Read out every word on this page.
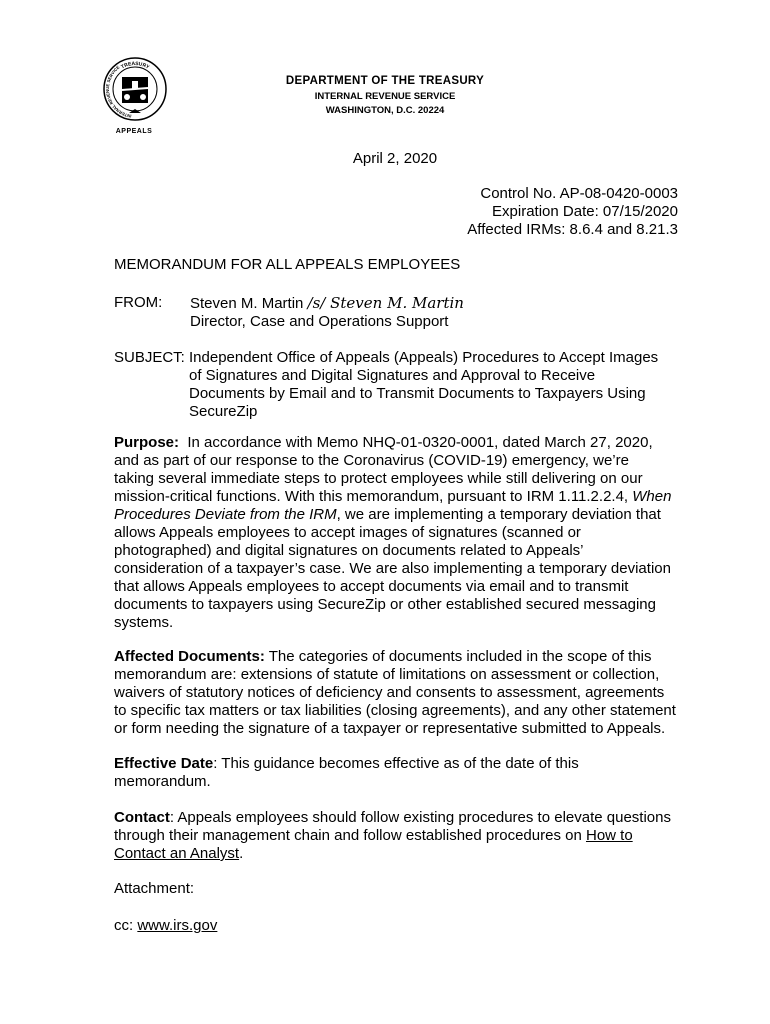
TREASURY
INTERNAL REVENUE SERVICE
APPEALS
DEPARTMENT OF THE TREASURY
INTERNAL REVENUE SERVICE
WASHINGTON, D.C. 20224
April 2, 2020
Control No. AP-08-0420-0003
Expiration Date: 07/15/2020
Affected IRMs: 8.6.4 and 8.21.3
MEMORANDUM FOR ALL APPEALS EMPLOYEES
FROM: Steven M. Martin /s/ Steven M. Martin
Director, Case and Operations Support
SUBJECT: Independent Office of Appeals (Appeals) Procedures to Accept Images
of Signatures and Digital Signatures and Approval to Receive
Documents by Email and to Transmit Documents to Taxpayers Using
SecureZip

Purpose: In accordance with Memo NHQ-01-0320-0001, dated March 27, 2020,

and as part of our response to the Coronavirus (COVID-19) emergency, we’re

taking several immediate steps to protect employees while still delivering on our

mission-critical functions. With this memorandum, pursuant to IRM 1.11.2.2.4, When

Procedures Deviate from the IRM, we are implementing a temporary deviation that

allows Appeals employees to accept images of signatures (scanned or

photographed) and digital signatures on documents related to Appeals’

consideration of a taxpayer’s case. We are also implementing a temporary deviation

that allows Appeals employees to accept documents via email and to transmit

documents to taxpayers using SecureZip or other established secured messaging

systems.

Affected Documents: The categories of documents included in the scope of this

memorandum are: extensions of statute of limitations on assessment or collection,

waivers of statutory notices of deficiency and consents to assessment, agreements

to specific tax matters or tax liabilities (closing agreements), and any other statement

or form needing the signature of a taxpayer or representative submitted to Appeals.

Effective Date: This guidance becomes effective as of the date of this

memorandum.

Contact: Appeals employees should follow existing procedures to elevate questions

through their management chain and follow established procedures on How to

Contact an Analyst.

Attachment:
cc: www.irs.gov
